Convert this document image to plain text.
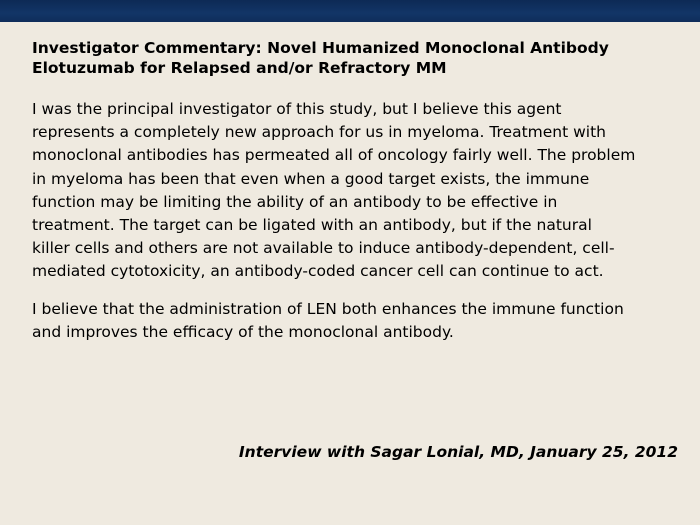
Investigator Commentary: Novel Humanized Monoclonal Antibody
Elotuzumab for Relapsed and/or Refractory MM

I was the principal investigator of this study, but I believe this agent
represents a completely new approach for us in myeloma. Treatment with
monoclonal antibodies has permeated all of oncology fairly well. The problem
in myeloma has been that even when a good target exists, the immune
function may be limiting the ability of an antibody to be effective in
treatment. The target can be ligated with an antibody, but if the natural
killer cells and others are not available to induce antibody-dependent, cell-
mediated cytotoxicity, an antibody-coded cancer cell can continue to act.

I believe that the administration of LEN both enhances the immune function
and improves the efficacy of the monoclonal antibody.

Interview with Sagar Lonial, MD, January 25, 2012
